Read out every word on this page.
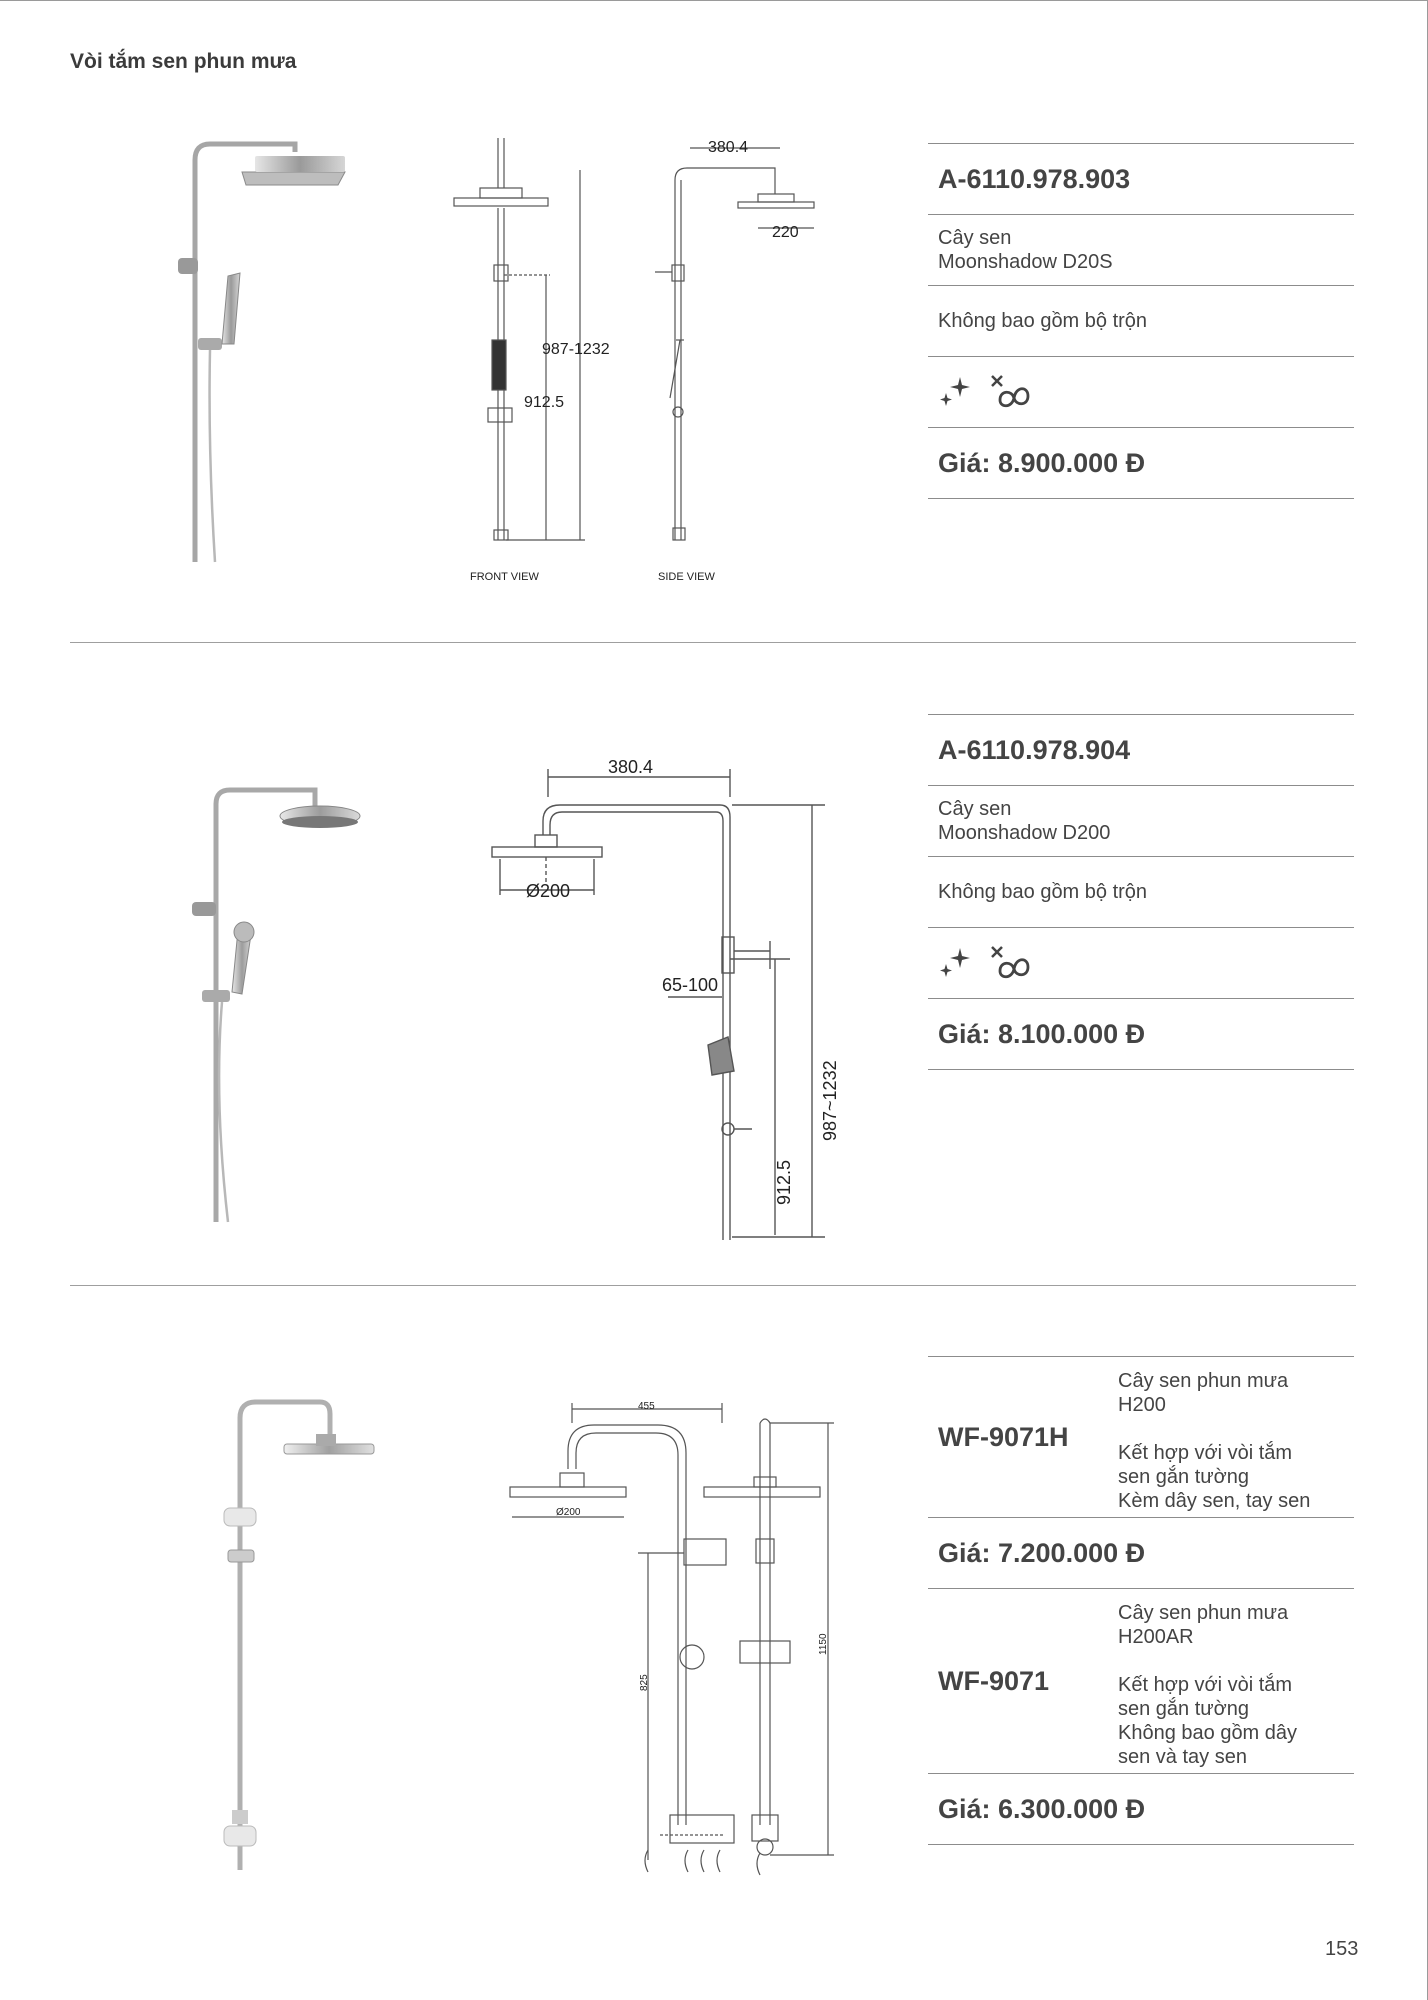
Vòi tắm sen phun mưa
380.4
220
987-1232
912.5
FRONT VIEW	SIDE VIEW
A-6110.978.903
Cây sen
Moonshadow D20S
Không bao gồm bộ trộn
Giá: 8.900.000 Đ
380.4
Ø200
65-100
987~1232
912.5
A-6110.978.904
Cây sen
Moonshadow D200
Không bao gồm bộ trộn
Giá: 8.100.000 Đ
455
Ø200
825
1150
WF-9071H
Cây sen phun mưa
H200
Kết hợp với vòi tắm
sen gắn tường
Kèm dây sen, tay sen
Giá: 7.200.000 Đ
WF-9071
Cây sen phun mưa
H200AR
Kết hợp với vòi tắm
sen gắn tường
Không bao gồm dây
sen và tay sen
Giá: 6.300.000 Đ
153
